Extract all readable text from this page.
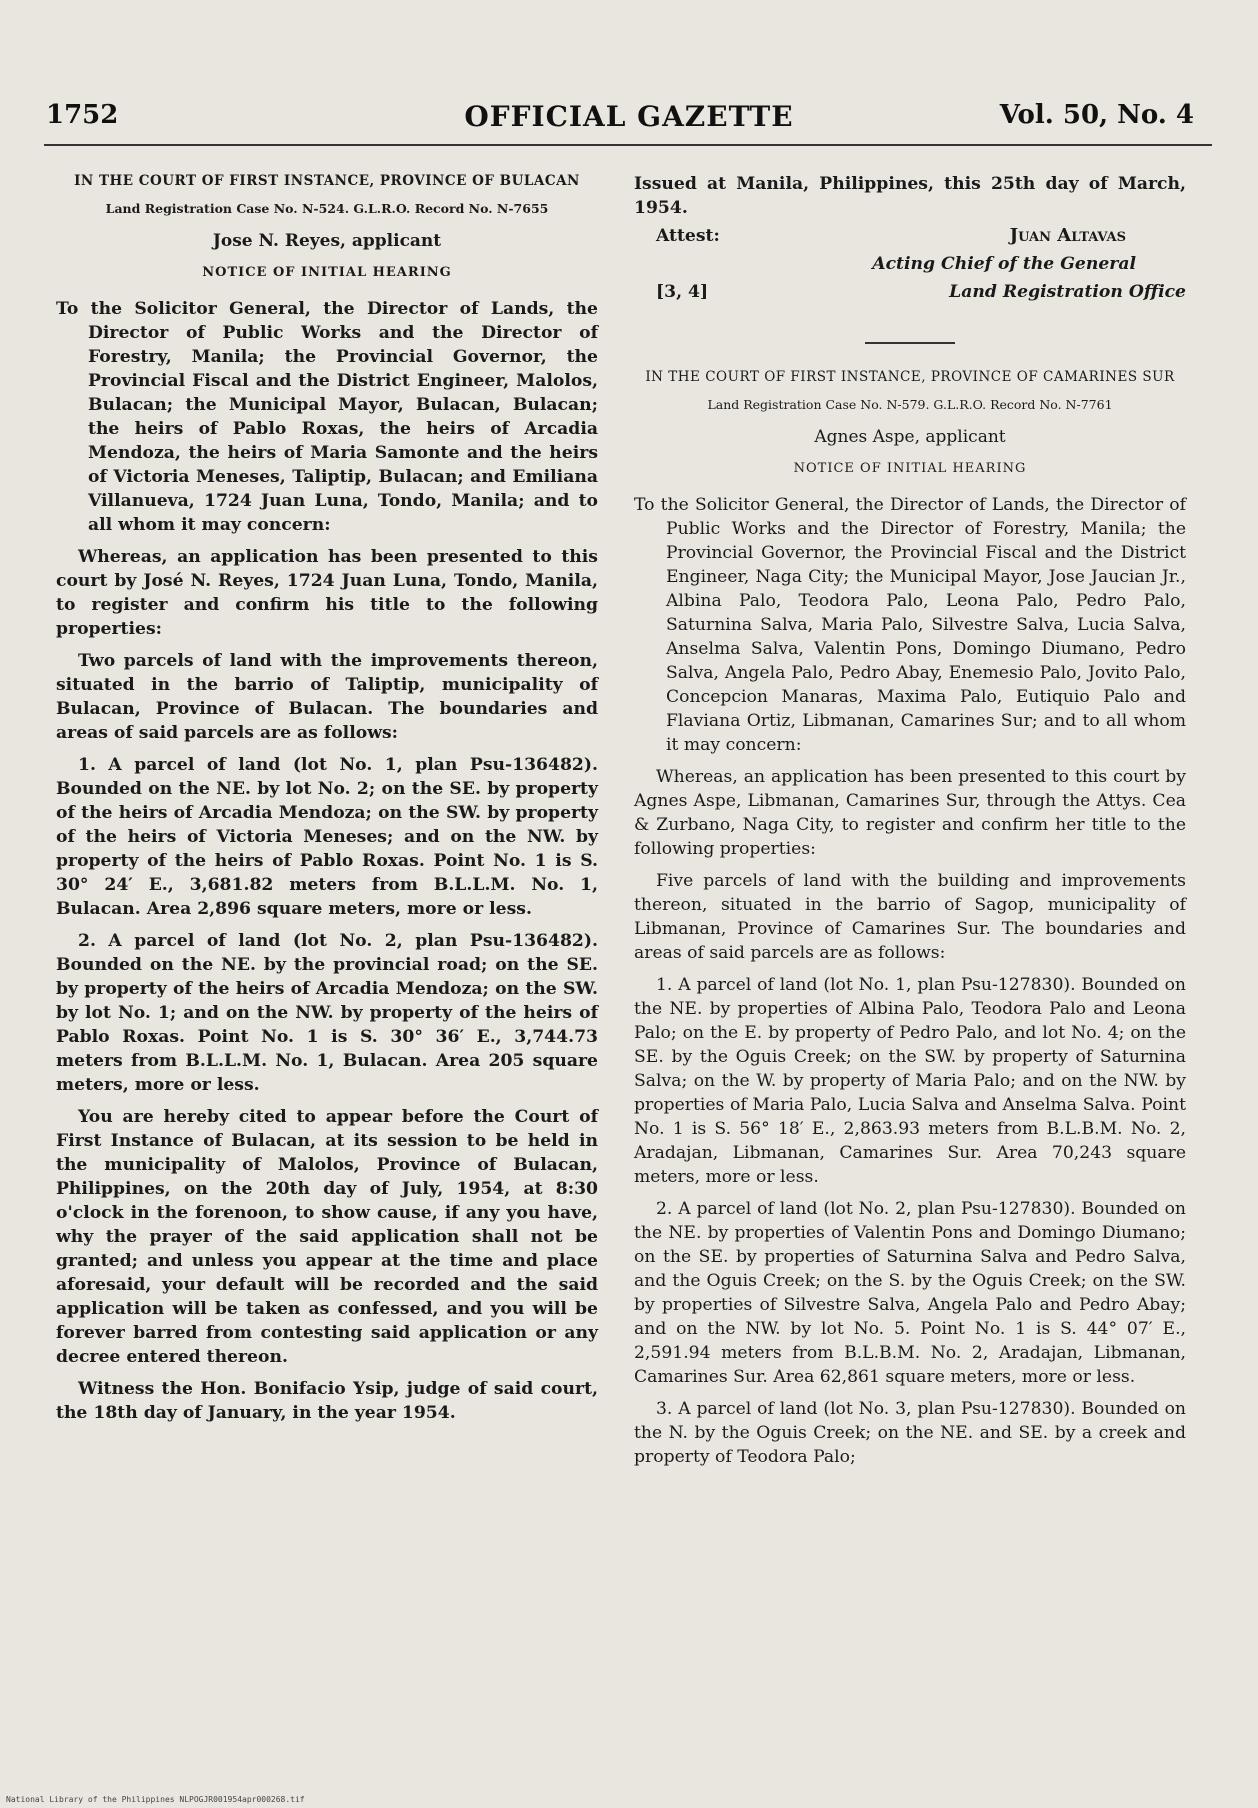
1752	OFFICIAL GAZETTE	Vol. 50, No. 4
IN THE COURT OF FIRST INSTANCE, PROVINCE OF BULACAN
Land Registration Case No. N-524. G.L.R.O. Record No. N-7655
Jose N. Reyes, applicant
NOTICE OF INITIAL HEARING
To the Solicitor General, the Director of Lands, the Director of Public Works and the Director of Forestry, Manila; the Provincial Governor, the Provincial Fiscal and the District Engineer, Malolos, Bulacan; the Municipal Mayor, Bulacan, Bulacan; the heirs of Pablo Roxas, the heirs of Arcadia Mendoza, the heirs of Maria Samonte and the heirs of Victoria Meneses, Taliptip, Bulacan; and Emiliana Villanueva, 1724 Juan Luna, Tondo, Manila; and to all whom it may concern:

Whereas, an application has been presented to this court by José N. Reyes, 1724 Juan Luna, Tondo, Manila, to register and confirm his title to the following properties:

Two parcels of land with the improvements thereon, situated in the barrio of Taliptip, municipality of Bulacan, Province of Bulacan. The boundaries and areas of said parcels are as follows:

1. A parcel of land (lot No. 1, plan Psu-136482). Bounded on the NE. by lot No. 2; on the SE. by property of the heirs of Arcadia Mendoza; on the SW. by property of the heirs of Victoria Meneses; and on the NW. by property of the heirs of Pablo Roxas. Point No. 1 is S. 30° 24′ E., 3,681.82 meters from B.L.L.M. No. 1, Bulacan. Area 2,896 square meters, more or less.

2. A parcel of land (lot No. 2, plan Psu-136482). Bounded on the NE. by the provincial road; on the SE. by property of the heirs of Arcadia Mendoza; on the SW. by lot No. 1; and on the NW. by property of the heirs of Pablo Roxas. Point No. 1 is S. 30° 36′ E., 3,744.73 meters from B.L.L.M. No. 1, Bulacan. Area 205 square meters, more or less.

You are hereby cited to appear before the Court of First Instance of Bulacan, at its session to be held in the municipality of Malolos, Province of Bulacan, Philippines, on the 20th day of July, 1954, at 8:30 o'clock in the forenoon, to show cause, if any you have, why the prayer of the said application shall not be granted; and unless you appear at the time and place aforesaid, your default will be recorded and the said application will be taken as confessed, and you will be forever barred from contesting said application or any decree entered thereon.

Witness the Hon. Bonifacio Ysip, judge of said court, the 18th day of January, in the year 1954.

Issued at Manila, Philippines, this 25th day of March, 1954.
Attest:
[3, 4]
Juan Altavas
Acting Chief of the General
Land Registration Office
IN THE COURT OF FIRST INSTANCE, PROVINCE OF CAMARINES SUR
Land Registration Case No. N-579. G.L.R.O. Record No. N-7761
Agnes Aspe, applicant
NOTICE OF INITIAL HEARING
To the Solicitor General, the Director of Lands, the Director of Public Works and the Director of Forestry, Manila; the Provincial Governor, the Provincial Fiscal and the District Engineer, Naga City; the Municipal Mayor, Jose Jaucian Jr., Albina Palo, Teodora Palo, Leona Palo, Pedro Palo, Saturnina Salva, Maria Palo, Silvestre Salva, Lucia Salva, Anselma Salva, Valentin Pons, Domingo Diumano, Pedro Salva, Angela Palo, Pedro Abay, Enemesio Palo, Jovito Palo, Concepcion Manaras, Maxima Palo, Eutiquio Palo and Flaviana Ortiz, Libmanan, Camarines Sur; and to all whom it may concern:

Whereas, an application has been presented to this court by Agnes Aspe, Libmanan, Camarines Sur, through the Attys. Cea & Zurbano, Naga City, to register and confirm her title to the following properties:

Five parcels of land with the building and improvements thereon, situated in the barrio of Sagop, municipality of Libmanan, Province of Camarines Sur. The boundaries and areas of said parcels are as follows:

1. A parcel of land (lot No. 1, plan Psu-127830). Bounded on the NE. by properties of Albina Palo, Teodora Palo and Leona Palo; on the E. by property of Pedro Palo, and lot No. 4; on the SE. by the Oguis Creek; on the SW. by property of Saturnina Salva; on the W. by property of Maria Palo; and on the NW. by properties of Maria Palo, Lucia Salva and Anselma Salva. Point No. 1 is S. 56° 18′ E., 2,863.93 meters from B.L.B.M. No. 2, Aradajan, Libmanan, Camarines Sur. Area 70,243 square meters, more or less.

2. A parcel of land (lot No. 2, plan Psu-127830). Bounded on the NE. by properties of Valentin Pons and Domingo Diumano; on the SE. by properties of Saturnina Salva and Pedro Salva, and the Oguis Creek; on the S. by the Oguis Creek; on the SW. by properties of Silvestre Salva, Angela Palo and Pedro Abay; and on the NW. by lot No. 5. Point No. 1 is S. 44° 07′ E., 2,591.94 meters from B.L.B.M. No. 2, Aradajan, Libmanan, Camarines Sur. Area 62,861 square meters, more or less.

3. A parcel of land (lot No. 3, plan Psu-127830). Bounded on the N. by the Oguis Creek; on the NE. and SE. by a creek and property of Teodora Palo;

National Library of the Philippines NLPOGJR001954apr000268.tif
